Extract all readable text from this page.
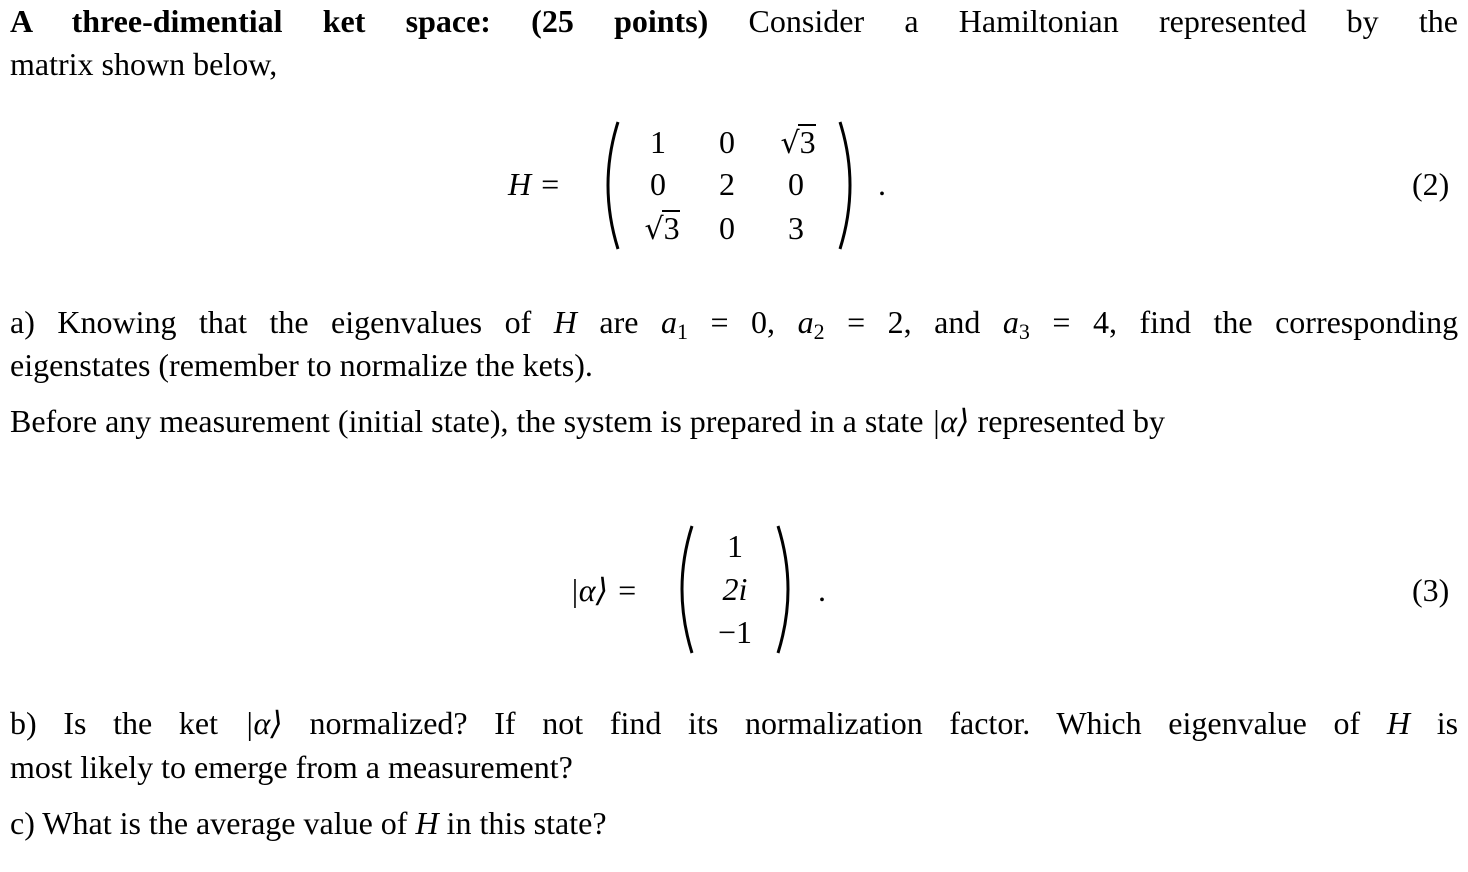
A three-dimential ket space: (25 points) Consider a Hamiltonian represented by the
matrix shown below,
H =
1	0	√3
0	2	0
√3	0	3
.	(2)
a) Knowing that the eigenvalues of H are $a_1 = 0$, $a_2 = 2$, and $a_3 = 4$, find the corresponding
eigenstates (remember to normalize the kets).
Before any measurement (initial state), the system is prepared in a state |α⟩ represented by
|α⟩ =
1
2i
−1
.	(3)
b) Is the ket |α⟩ normalized? If not find its normalization factor. Which eigenvalue of H is
most likely to emerge from a measurement?
c) What is the average value of H in this state?
